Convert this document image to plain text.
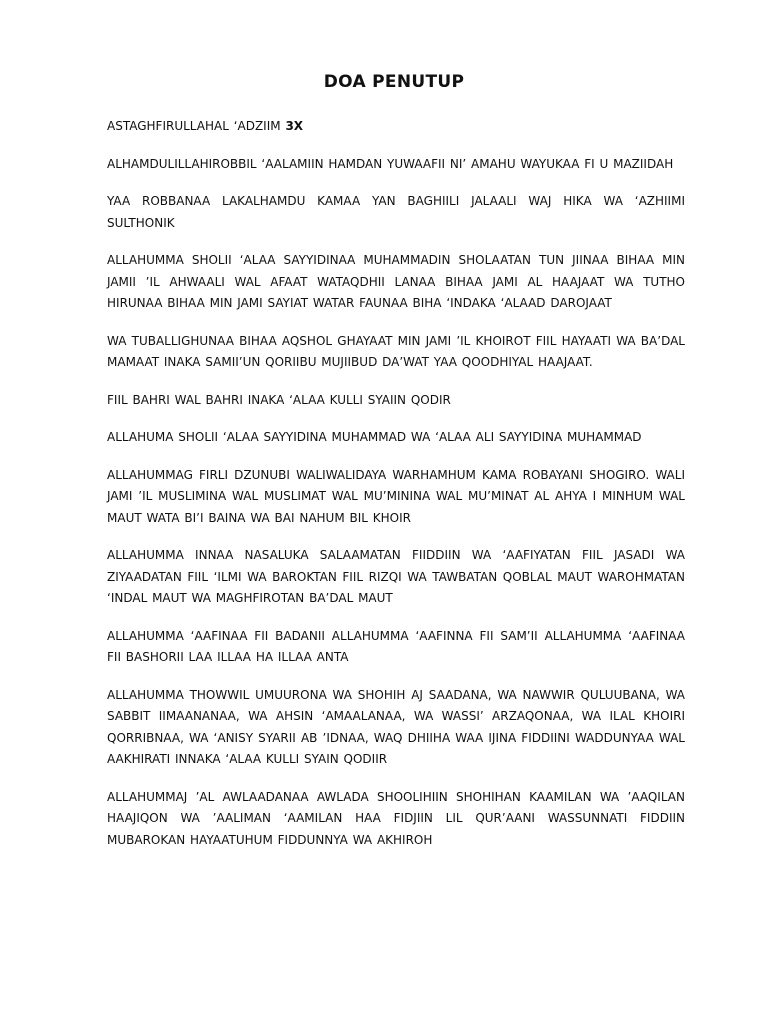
DOA PENUTUP

ASTAGHFIRULLAHAL ‘ADZIIM 3X

ALHAMDULILLAHIROBBIL ‘AALAMIIN HAMDAN YUWAAFII NI’ AMAHU WAYUKAA FI U MAZIIDAH

YAA ROBBANAA LAKALHAMDU KAMAA YAN BAGHIILI JALAALI WAJ HIKA WA ‘AZHIIMI SULTHONIK

ALLAHUMMA SHOLII ‘ALAA SAYYIDINAA MUHAMMADIN SHOLAATAN TUN JIINAA BIHAA MIN JAMII ’IL AHWAALI WAL AFAAT WATAQDHII LANAA BIHAA JAMI AL HAAJAAT WA TUTHO HIRUNAA BIHAA MIN JAMI SAYIAT WATAR FAUNAA BIHA ‘INDAKA ‘ALAAD DAROJAAT

WA TUBALLIGHUNAA BIHAA AQSHOL GHAYAAT MIN JAMI ’IL KHOIROT FIIL HAYAATI WA BA’DAL MAMAAT INAKA SAMII’UN QORIIBU MUJIIBUD DA’WAT YAA QOODHIYAL HAAJAAT.

FIIL BAHRI WAL BAHRI INAKA ‘ALAA KULLI SYAIIN QODIR

ALLAHUMA SHOLII ‘ALAA SAYYIDINA MUHAMMAD WA ‘ALAA ALI SAYYIDINA MUHAMMAD

ALLAHUMMAG FIRLI DZUNUBI WALIWALIDAYA WARHAMHUM KAMA ROBAYANI SHOGIRO. WALI JAMI ’IL MUSLIMINA WAL MUSLIMAT WAL MU’MININA WAL MU’MINAT AL AHYA I MINHUM WAL MAUT WATA BI’I BAINA WA BAI NAHUM BIL KHOIR

ALLAHUMMA INNAA NASALUKA SALAAMATAN FIIDDIIN WA ‘AAFIYATAN FIIL JASADI WA ZIYAADATAN FIIL ‘ILMI WA BAROKTAN FIIL RIZQI WA TAWBATAN QOBLAL MAUT WAROHMATAN ‘INDAL MAUT WA MAGHFIROTAN BA’DAL MAUT

ALLAHUMMA ‘AAFINAA FII BADANII ALLAHUMMA ‘AAFINNA FII SAM’II ALLAHUMMA ‘AAFINAA FII BASHORII LAA ILLAA HA ILLAA ANTA

ALLAHUMMA THOWWIL UMUURONA WA SHOHIH AJ SAADANA, WA NAWWIR QULUUBANA, WA SABBIT IIMAANANAA, WA AHSIN ‘AMAALANAA, WA WASSI’ ARZAQONAA, WA ILAL KHOIRI QORRIBNAA, WA ‘ANISY SYARII AB ’IDNAA, WAQ DHIIHA WAA IJINA FIDDIINI WADDUNYAA WAL AAKHIRATI INNAKA ‘ALAA KULLI SYAIN QODIIR

ALLAHUMMAJ ’AL AWLAADANAA AWLADA SHOOLIHIIN SHOHIHAN KAAMILAN WA ’AAQILAN HAAJIQON WA ’AALIMAN ‘AAMILAN HAA FIDJIIN LIL QUR’AANI WASSUNNATI FIDDIIN MUBAROKAN HAYAATUHUM FIDDUNNYA WA AKHIROH
